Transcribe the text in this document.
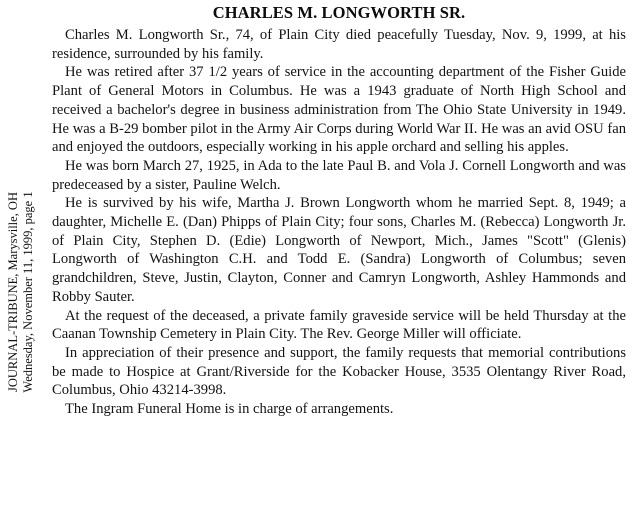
JOURNAL-TRIBUNE, Marysville, OH Wednesday, November 11, 1999, page 1
CHARLES M. LONGWORTH SR.

Charles M. Longworth Sr., 74, of Plain City died peacefully Tuesday, Nov. 9, 1999, at his residence, surrounded by his family.

He was retired after 37 1/2 years of service in the accounting department of the Fisher Guide Plant of General Motors in Columbus. He was a 1943 graduate of North High School and received a bachelor's degree in business administration from The Ohio State University in 1949. He was a B-29 bomber pilot in the Army Air Corps during World War II. He was an avid OSU fan and enjoyed the outdoors, especially working in his apple orchard and selling his apples.

He was born March 27, 1925, in Ada to the late Paul B. and Vola J. Cornell Longworth and was predeceased by a sister, Pauline Welch.

He is survived by his wife, Martha J. Brown Longworth whom he married Sept. 8, 1949; a daughter, Michelle E. (Dan) Phipps of Plain City; four sons, Charles M. (Rebecca) Longworth Jr. of Plain City, Stephen D. (Edie) Longworth of Newport, Mich., James "Scott" (Glenis) Longworth of Washington C.H. and Todd E. (Sandra) Longworth of Columbus; seven grandchildren, Steve, Justin, Clayton, Conner and Camryn Longworth, Ashley Hammonds and Robby Sauter.

At the request of the deceased, a private family graveside service will be held Thursday at the Caanan Township Cemetery in Plain City. The Rev. George Miller will officiate.

In appreciation of their presence and support, the family requests that memorial contributions be made to Hospice at Grant/Riverside for the Kobacker House, 3535 Olentangy River Road, Columbus, Ohio 43214-3998.

The Ingram Funeral Home is in charge of arrangements.
